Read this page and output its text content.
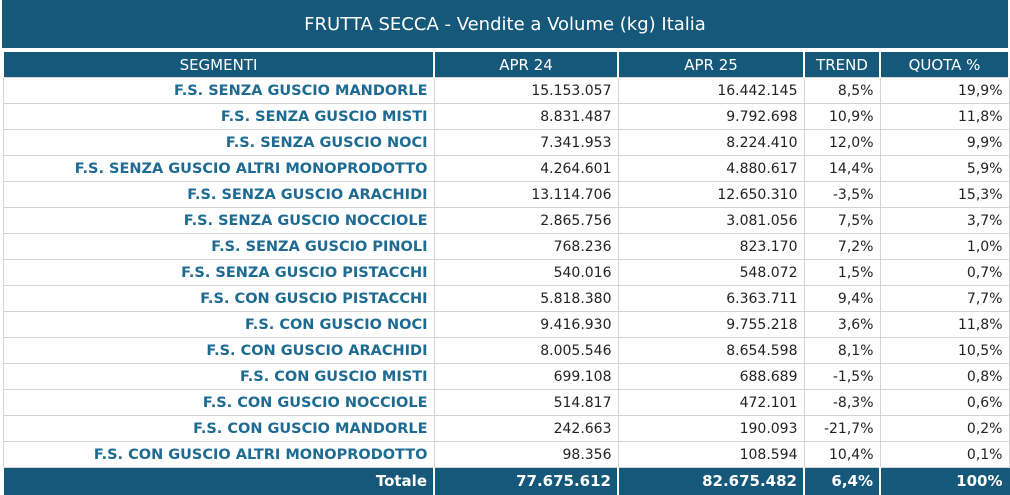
FRUTTA SECCA - Vendite a Volume (kg) Italia
SEGMENTI	APR 24	APR 25	TREND	QUOTA %
F.S. SENZA GUSCIO MANDORLE	15.153.057	16.442.145	8,5%	19,9%
F.S. SENZA GUSCIO MISTI	8.831.487	9.792.698	10,9%	11,8%
F.S. SENZA GUSCIO NOCI	7.341.953	8.224.410	12,0%	9,9%
F.S. SENZA GUSCIO ALTRI MONOPRODOTTO	4.264.601	4.880.617	14,4%	5,9%
F.S. SENZA GUSCIO ARACHIDI	13.114.706	12.650.310	-3,5%	15,3%
F.S. SENZA GUSCIO NOCCIOLE	2.865.756	3.081.056	7,5%	3,7%
F.S. SENZA GUSCIO PINOLI	768.236	823.170	7,2%	1,0%
F.S. SENZA GUSCIO PISTACCHI	540.016	548.072	1,5%	0,7%
F.S. CON GUSCIO PISTACCHI	5.818.380	6.363.711	9,4%	7,7%
F.S. CON GUSCIO NOCI	9.416.930	9.755.218	3,6%	11,8%
F.S. CON GUSCIO ARACHIDI	8.005.546	8.654.598	8,1%	10,5%
F.S. CON GUSCIO MISTI	699.108	688.689	-1,5%	0,8%
F.S. CON GUSCIO NOCCIOLE	514.817	472.101	-8,3%	0,6%
F.S. CON GUSCIO MANDORLE	242.663	190.093	-21,7%	0,2%
F.S. CON GUSCIO ALTRI MONOPRODOTTO	98.356	108.594	10,4%	0,1%
Totale	77.675.612	82.675.482	6,4%	100%
